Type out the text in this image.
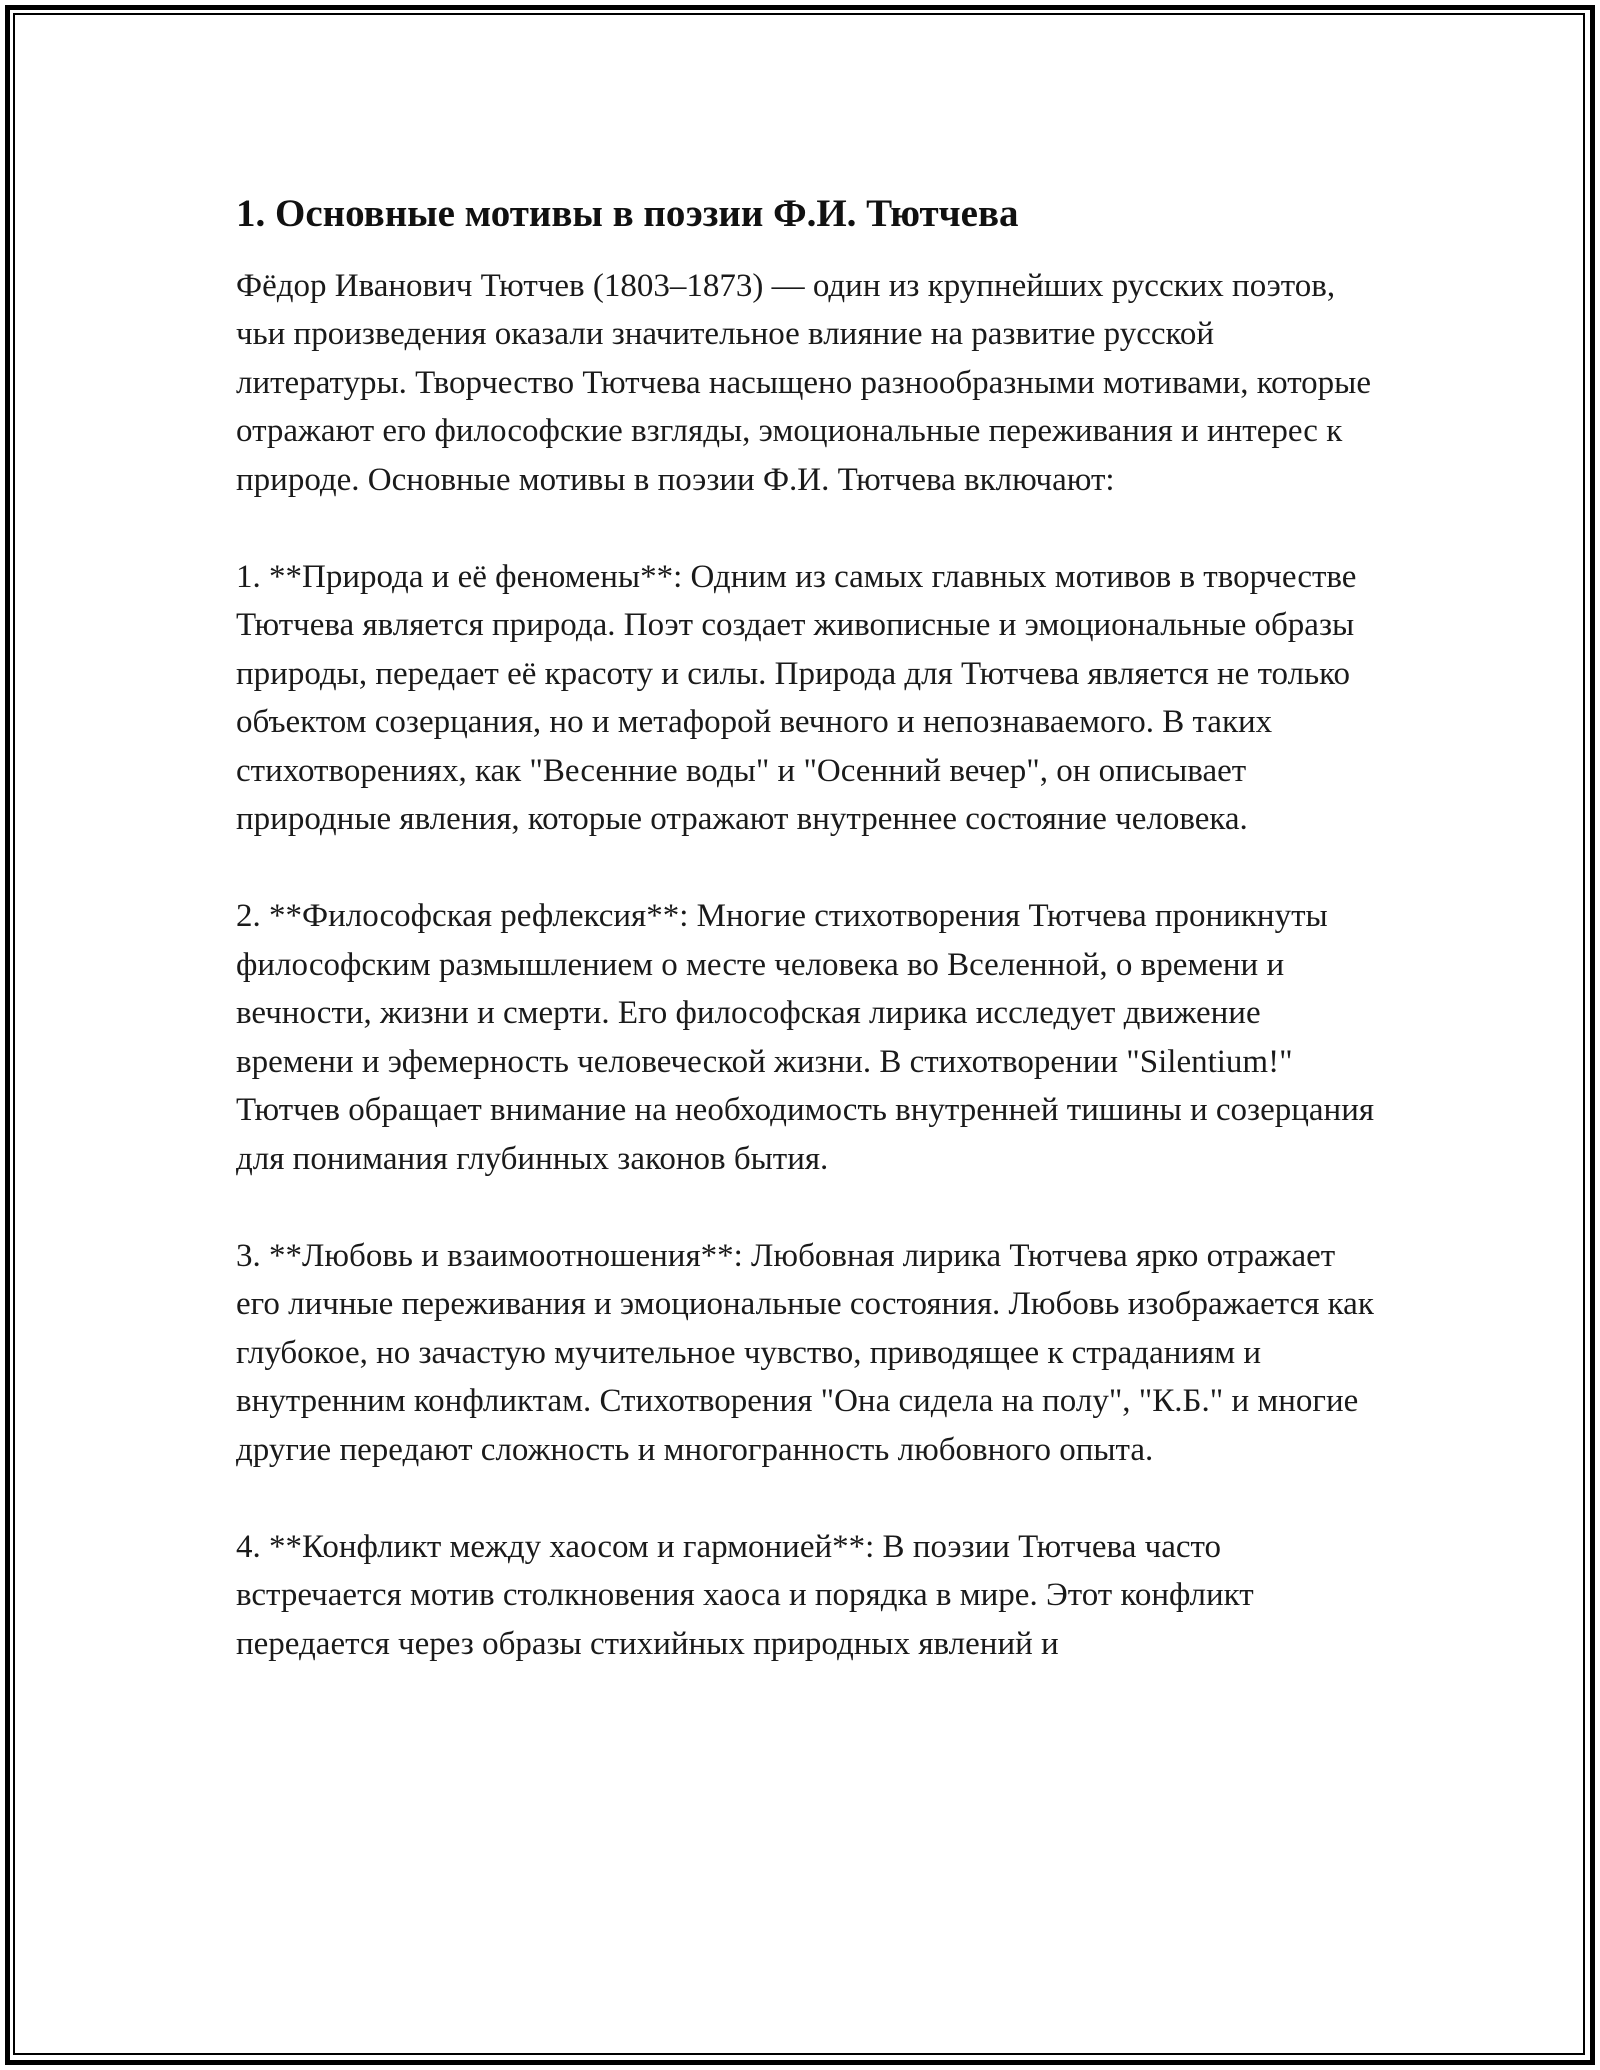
1. Основные мотивы в поэзии Ф.И. Тютчева

Фёдор Иванович Тютчев (1803–1873) — один из крупнейших русских поэтов, чьи произведения оказали значительное влияние на развитие русской литературы. Творчество Тютчева насыщено разнообразными мотивами, которые отражают его философские взгляды, эмоциональные переживания и интерес к природе. Основные мотивы в поэзии Ф.И. Тютчева включают:

1. **Природа и её феномены**: Одним из самых главных мотивов в творчестве Тютчева является природа. Поэт создает живописные и эмоциональные образы природы, передает её красоту и силы. Природа для Тютчева является не только объектом созерцания, но и метафорой вечного и непознаваемого. В таких стихотворениях, как "Весенние воды" и "Осенний вечер", он описывает природные явления, которые отражают внутреннее состояние человека.

2. **Философская рефлексия**: Многие стихотворения Тютчева проникнуты философским размышлением о месте человека во Вселенной, о времени и вечности, жизни и смерти. Его философская лирика исследует движение времени и эфемерность человеческой жизни. В стихотворении "Silentium!" Тютчев обращает внимание на необходимость внутренней тишины и созерцания для понимания глубинных законов бытия.

3. **Любовь и взаимоотношения**: Любовная лирика Тютчева ярко отражает его личные переживания и эмоциональные состояния. Любовь изображается как глубокое, но зачастую мучительное чувство, приводящее к страданиям и внутренним конфликтам. Стихотворения "Она сидела на полу", "К.Б." и многие другие передают сложность и многогранность любовного опыта.

4. **Конфликт между хаосом и гармонией**: В поэзии Тютчева часто встречается мотив столкновения хаоса и порядка в мире. Этот конфликт передается через образы стихийных природных явлений и
